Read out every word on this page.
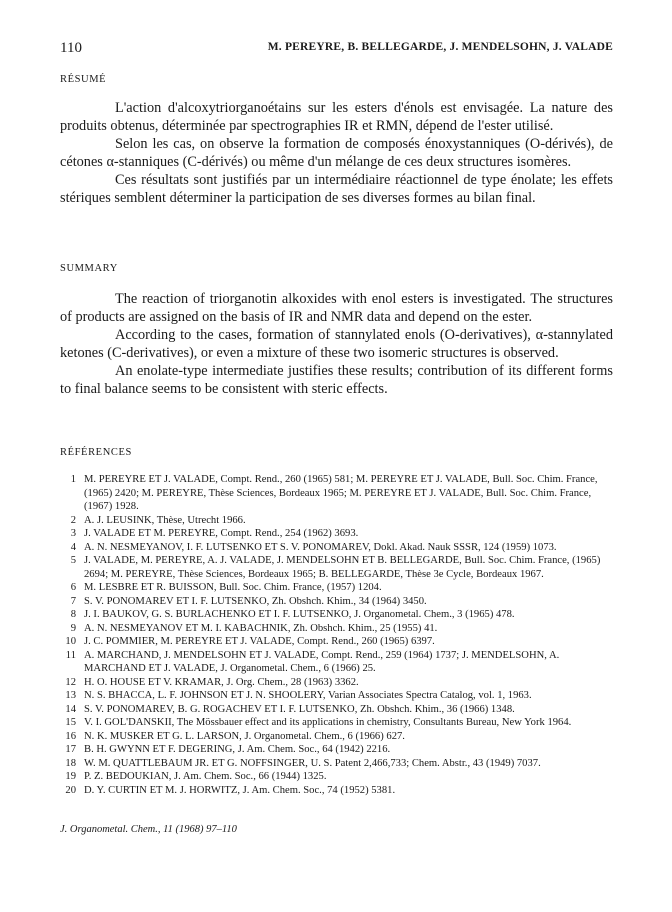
110	M. PEREYRE, B. BELLEGARDE, J. MENDELSOHN, J. VALADE
RÉSUMÉ

L'action d'alcoxytriorganoétains sur les esters d'énols est envisagée. La nature des produits obtenus, déterminée par spectrographies IR et RMN, dépend de l'ester utilisé.

Selon les cas, on observe la formation de composés énoxystanniques (O-dérivés), de cétones α-stanniques (C-dérivés) ou même d'un mélange de ces deux structures isomères.

Ces résultats sont justifiés par un intermédiaire réactionnel de type énolate; les effets stériques semblent déterminer la participation de ses diverses formes au bilan final.

SUMMARY

The reaction of triorganotin alkoxides with enol esters is investigated. The structures of products are assigned on the basis of IR and NMR data and depend on the ester.

According to the cases, formation of stannylated enols (O-derivatives), α-stannylated ketones (C-derivatives), or even a mixture of these two isomeric structures is observed.

An enolate-type intermediate justifies these results; contribution of its different forms to final balance seems to be consistent with steric effects.

RÉFÉRENCES
1 M. PEREYRE ET J. VALADE, Compt. Rend., 260 (1965) 581; M. PEREYRE ET J. VALADE, Bull. Soc. Chim. France, (1965) 2420; M. PEREYRE, Thèse Sciences, Bordeaux 1965; M. PEREYRE ET J. VALADE, Bull. Soc. Chim. France, (1967) 1928.
2 A. J. LEUSINK, Thèse, Utrecht 1966.
3 J. VALADE ET M. PEREYRE, Compt. Rend., 254 (1962) 3693.
4 A. N. NESMEYANOV, I. F. LUTSENKO ET S. V. PONOMAREV, Dokl. Akad. Nauk SSSR, 124 (1959) 1073.
5 J. VALADE, M. PEREYRE, A. J. VALADE, J. MENDELSOHN ET B. BELLEGARDE, Bull. Soc. Chim. France, (1965) 2694; M. PEREYRE, Thèse Sciences, Bordeaux 1965; B. BELLEGARDE, Thèse 3e Cycle, Bordeaux 1967.
6 M. LESBRE ET R. BUISSON, Bull. Soc. Chim. France, (1957) 1204.
7 S. V. PONOMAREV ET I. F. LUTSENKO, Zh. Obshch. Khim., 34 (1964) 3450.
8 J. I. BAUKOV, G. S. BURLACHENKO ET I. F. LUTSENKO, J. Organometal. Chem., 3 (1965) 478.
9 A. N. NESMEYANOV ET M. I. KABACHNIK, Zh. Obshch. Khim., 25 (1955) 41.
10 J. C. POMMIER, M. PEREYRE ET J. VALADE, Compt. Rend., 260 (1965) 6397.
11 A. MARCHAND, J. MENDELSOHN ET J. VALADE, Compt. Rend., 259 (1964) 1737; J. MENDELSOHN, A. MARCHAND ET J. VALADE, J. Organometal. Chem., 6 (1966) 25.
12 H. O. HOUSE ET V. KRAMAR, J. Org. Chem., 28 (1963) 3362.
13 N. S. BHACCA, L. F. JOHNSON ET J. N. SHOOLERY, Varian Associates Spectra Catalog, vol. 1, 1963.
14 S. V. PONOMAREV, B. G. ROGACHEV ET I. F. LUTSENKO, Zh. Obshch. Khim., 36 (1966) 1348.
15 V. I. GOL'DANSKII, The Mössbauer effect and its applications in chemistry, Consultants Bureau, New York 1964.
16 N. K. MUSKER ET G. L. LARSON, J. Organometal. Chem., 6 (1966) 627.
17 B. H. GWYNN ET F. DEGERING, J. Am. Chem. Soc., 64 (1942) 2216.
18 W. M. QUATTLEBAUM JR. ET G. NOFFSINGER, U. S. Patent 2,466,733; Chem. Abstr., 43 (1949) 7037.
19 P. Z. BEDOUKIAN, J. Am. Chem. Soc., 66 (1944) 1325.
20 D. Y. CURTIN ET M. J. HORWITZ, J. Am. Chem. Soc., 74 (1952) 5381.
J. Organometal. Chem., 11 (1968) 97–110
